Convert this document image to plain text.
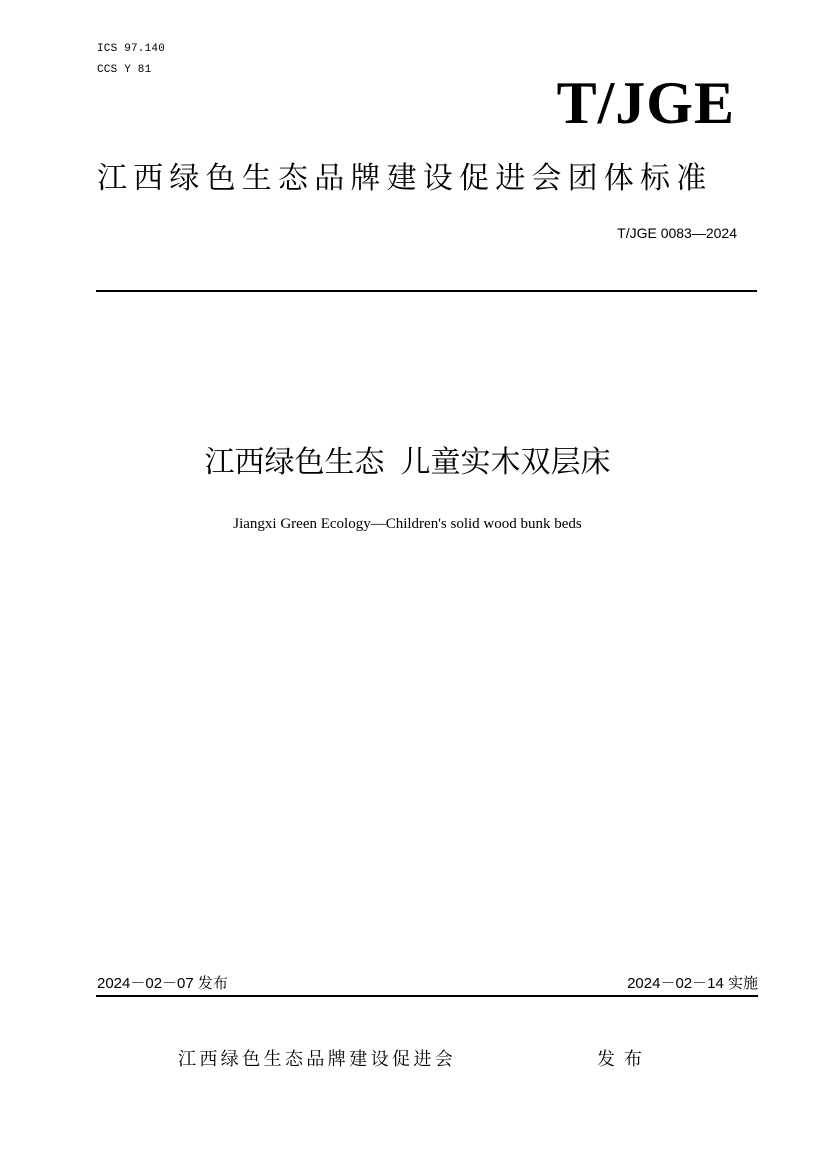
ICS 97.140
CCS Y 81	T/JGE
江西绿色生态品牌建设促进会团体标准
T/JGE 0083—2024
江西绿色生态 儿童实木双层床
Jiangxi Green Ecology—Children's solid wood bunk beds
2024－02－07 发布	2024－02－14 实施
江西绿色生态品牌建设促进会	发布
